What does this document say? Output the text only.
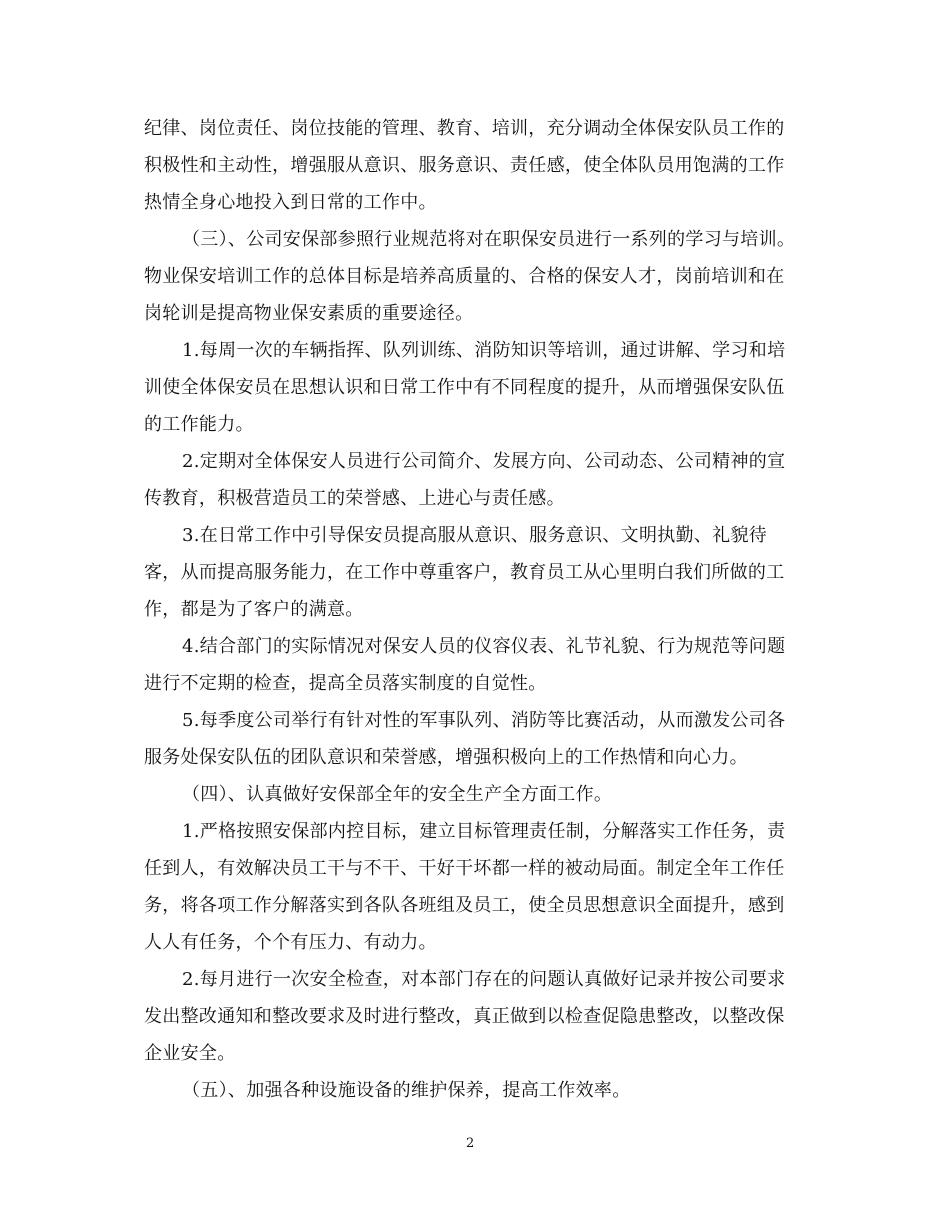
纪律、岗位责任、岗位技能的管理、教育、培训，充分调动全体保安队员工作的
积极性和主动性，增强服从意识、服务意识、责任感，使全体队员用饱满的工作
热情全身心地投入到日常的工作中。
（三）、公司安保部参照行业规范将对在职保安员进行一系列的学习与培训。
物业保安培训工作的总体目标是培养高质量的、合格的保安人才，岗前培训和在
岗轮训是提高物业保安素质的重要途径。
1.每周一次的车辆指挥、队列训练、消防知识等培训，通过讲解、学习和培
训使全体保安员在思想认识和日常工作中有不同程度的提升，从而增强保安队伍
的工作能力。
2.定期对全体保安人员进行公司简介、发展方向、公司动态、公司精神的宣
传教育，积极营造员工的荣誉感、上进心与责任感。
3.在日常工作中引导保安员提高服从意识、服务意识、文明执勤、礼貌待
客，从而提高服务能力，在工作中尊重客户，教育员工从心里明白我们所做的工
作，都是为了客户的满意。
4.结合部门的实际情况对保安人员的仪容仪表、礼节礼貌、行为规范等问题
进行不定期的检查，提高全员落实制度的自觉性。
5.每季度公司举行有针对性的军事队列、消防等比赛活动，从而激发公司各
服务处保安队伍的团队意识和荣誉感，增强积极向上的工作热情和向心力。
（四）、认真做好安保部全年的安全生产全方面工作。
1.严格按照安保部内控目标，建立目标管理责任制，分解落实工作任务，责
任到人，有效解决员工干与不干、干好干坏都一样的被动局面。制定全年工作任
务，将各项工作分解落实到各队各班组及员工，使全员思想意识全面提升，感到
人人有任务，个个有压力、有动力。
2.每月进行一次安全检查，对本部门存在的问题认真做好记录并按公司要求
发出整改通知和整改要求及时进行整改，真正做到以检查促隐患整改，以整改保
企业安全。
（五）、加强各种设施设备的维护保养，提高工作效率。
2
